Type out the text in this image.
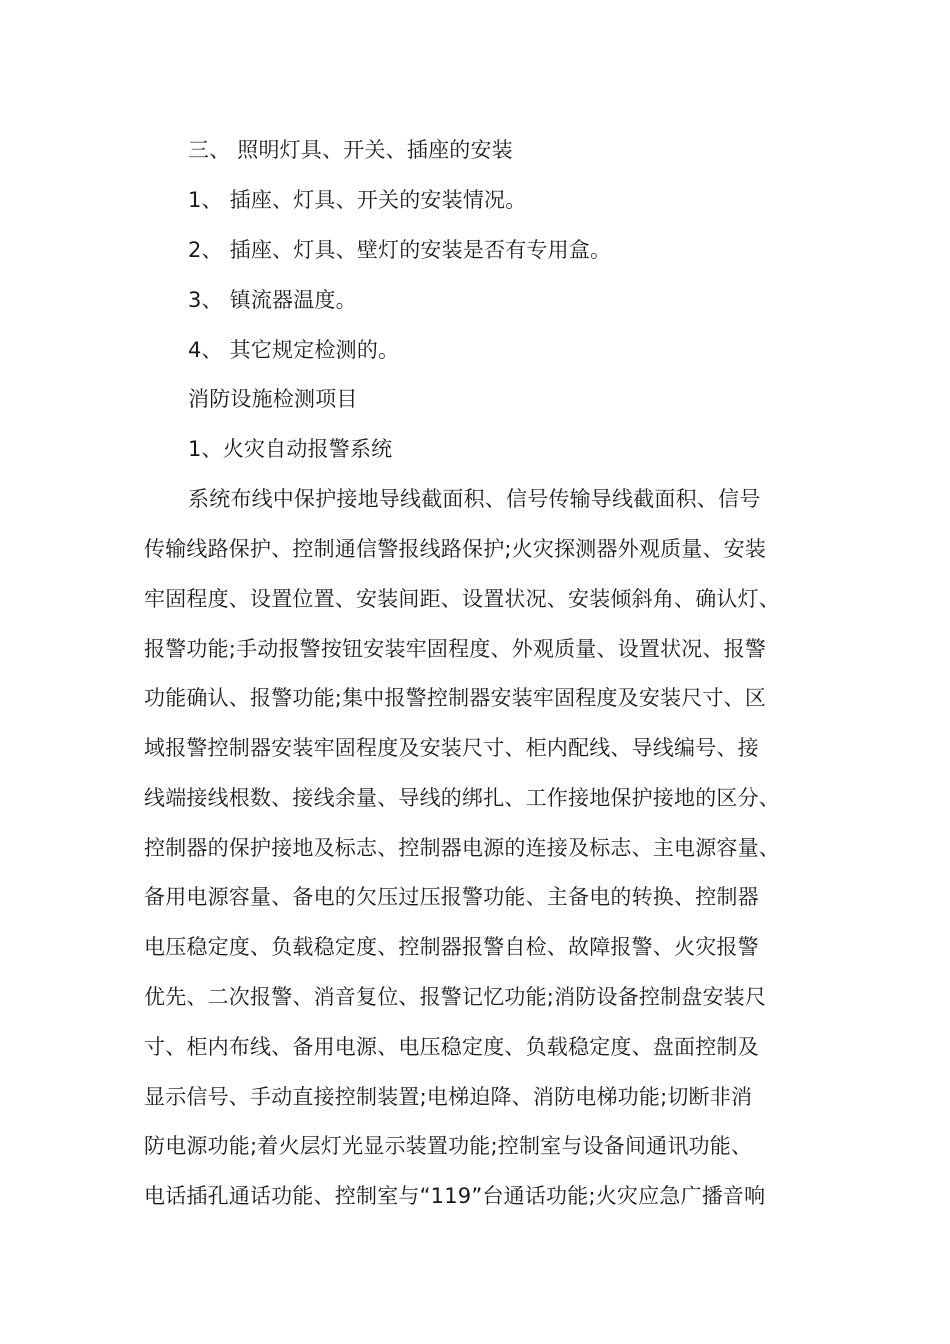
三、 照明灯具、开关、插座的安装
1、 插座、灯具、开关的安装情况。
2、 插座、灯具、壁灯的安装是否有专用盒。
3、 镇流器温度。
4、 其它规定检测的。
消防设施检测项目
1、火灾自动报警系统
系统布线中保护接地导线截面积、信号传输导线截面积、信号
传输线路保护、控制通信警报线路保护;火灾探测器外观质量、安装
牢固程度、设置位置、安装间距、设置状况、安装倾斜角、确认灯、
报警功能;手动报警按钮安装牢固程度、外观质量、设置状况、报警
功能确认、报警功能;集中报警控制器安装牢固程度及安装尺寸、区
域报警控制器安装牢固程度及安装尺寸、柜内配线、导线编号、接
线端接线根数、接线余量、导线的绑扎、工作接地保护接地的区分、
控制器的保护接地及标志、控制器电源的连接及标志、主电源容量、
备用电源容量、备电的欠压过压报警功能、主备电的转换、控制器
电压稳定度、负载稳定度、控制器报警自检、故障报警、火灾报警
优先、二次报警、消音复位、报警记忆功能;消防设备控制盘安装尺
寸、柜内布线、备用电源、电压稳定度、负载稳定度、盘面控制及
显示信号、手动直接控制装置;电梯迫降、消防电梯功能;切断非消
防电源功能;着火层灯光显示装置功能;控制室与设备间通讯功能、
电话插孔通话功能、控制室与“119”台通话功能;火灾应急广播音响
